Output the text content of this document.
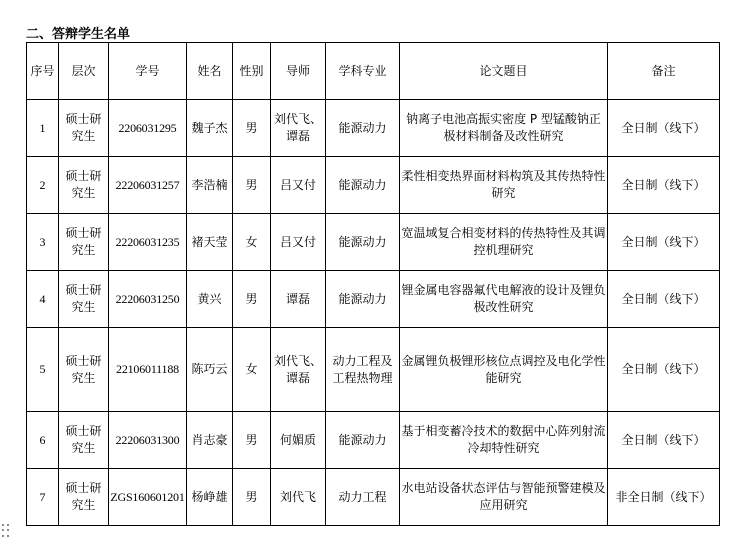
二、答辩学生名单
序号	层次	学号	姓名	性别	导师	学科专业	论文题目	备注
1	硕士研究生	2206031295	魏子杰	男	刘代飞、谭磊	能源动力	钠离子电池高振实密度 P 型锰酸钠正极材料制备及改性研究	全日制（线下）
2	硕士研究生	22206031257	李浩楠	男	吕又付	能源动力	柔性相变热界面材料构筑及其传热特性研究	全日制（线下）
3	硕士研究生	22206031235	褚天莹	女	吕又付	能源动力	宽温域复合相变材料的传热特性及其调控机理研究	全日制（线下）
4	硕士研究生	22206031250	黄兴	男	谭磊	能源动力	锂金属电容器氟代电解液的设计及锂负极改性研究	全日制（线下）
5	硕士研究生	22106011188	陈巧云	女	刘代飞、谭磊	动力工程及工程热物理	金属锂负极锂形核位点调控及电化学性能研究	全日制（线下）
6	硕士研究生	22206031300	肖志豪	男	何媚质	能源动力	基于相变蓄冷技术的数据中心阵列射流冷却特性研究	全日制（线下）
7	硕士研究生	ZGS160601201	杨峥雄	男	刘代飞	动力工程	水电站设备状态评估与智能预警建模及应用研究	非全日制（线下）
